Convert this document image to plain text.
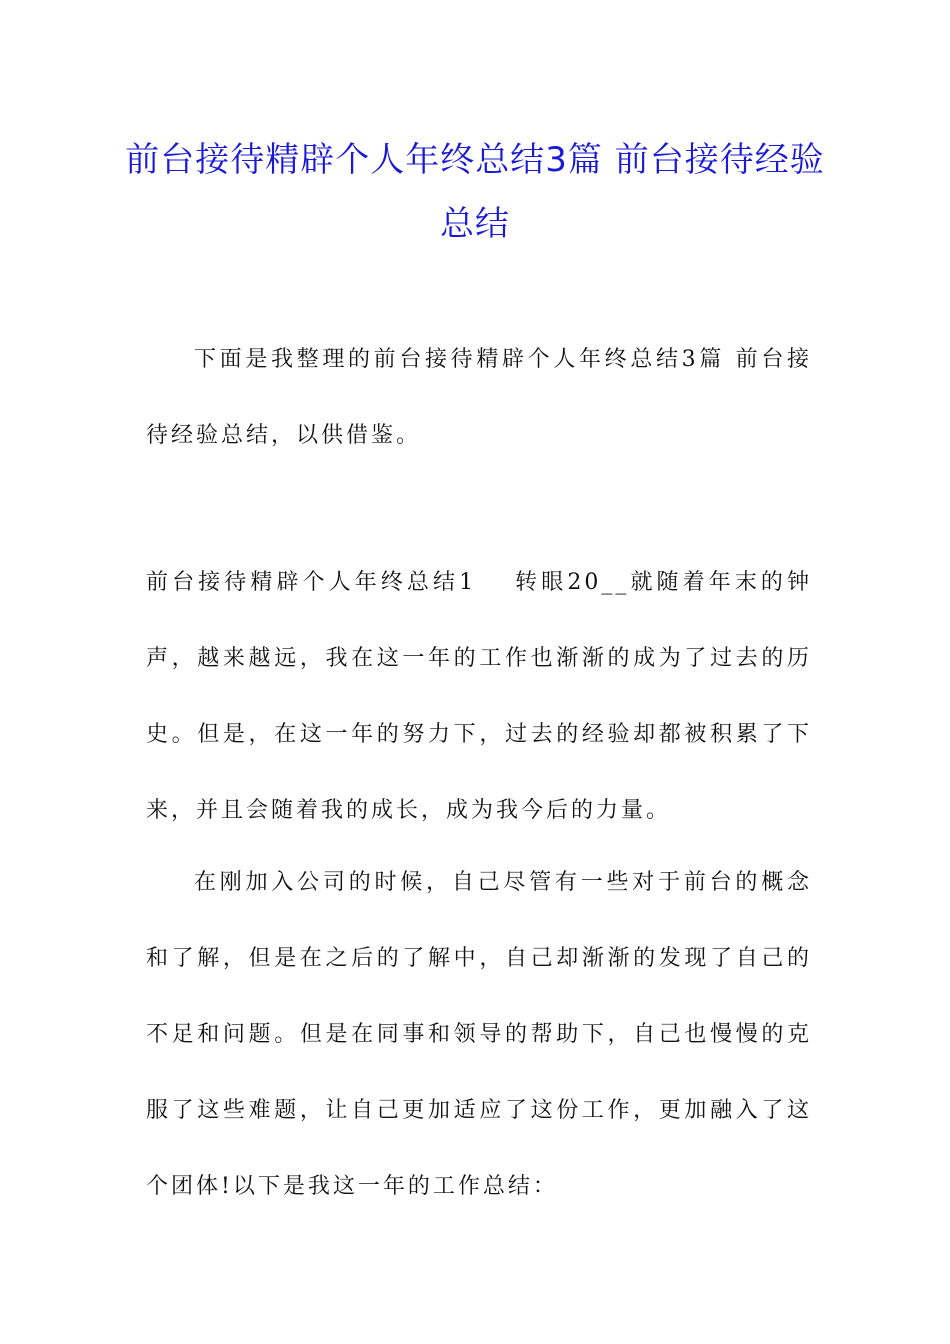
前台接待精辟个人年终总结3篇 前台接待经验总结

下面是我整理的前台接待精辟个人年终总结3篇 前台接待经验总结，以供借鉴。

前台接待精辟个人年终总结1 转眼20__就随着年末的钟声，越来越远，我在这一年的工作也渐渐的成为了过去的历史。但是，在这一年的努力下，过去的经验却都被积累了下来，并且会随着我的成长，成为我今后的力量。

在刚加入公司的时候，自己尽管有一些对于前台的概念和了解，但是在之后的了解中，自己却渐渐的发现了自己的不足和问题。但是在同事和领导的帮助下，自己也慢慢的克服了这些难题，让自己更加适应了这份工作，更加融入了这个团体!以下是我这一年的工作总结：
